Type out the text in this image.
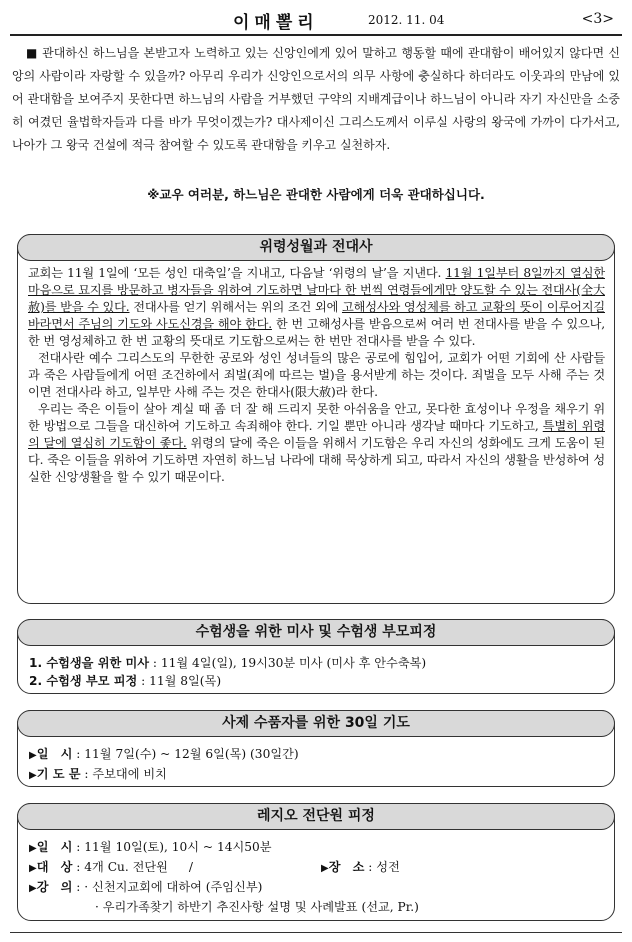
이매뽈리	2012. 11. 04	<3>

■ 관대하신 하느님을 본받고자 노력하고 있는 신앙인에게 있어 말하고 행동할 때에 관대함이 배어있지 않다면 신앙의 사람이라 자랑할 수 있을까? 아무리 우리가 신앙인으로서의 의무 사항에 충실하다 하더라도 이웃과의 만남에 있어 관대함을 보여주지 못한다면 하느님의 사람을 거부했던 구약의 지배계급이나 하느님이 아니라 자기 자신만을 소중히 여겼던 율법학자들과 다를 바가 무엇이겠는가? 대사제이신 그리스도께서 이루실 사랑의 왕국에 가까이 다가서고, 나아가 그 왕국 건설에 적극 참여할 수 있도록 관대함을 키우고 실천하자.

※교우 여러분, 하느님은 관대한 사람에게 더욱 관대하십니다.
위령성월과 전대사

교회는 11월 1일에 ‘모든 성인 대축일’을 지내고, 다음날 ‘위령의 날’을 지낸다. 11월 1일부터 8일까지 열심한 마음으로 묘지를 방문하고 병자들을 위하여 기도하면 날마다 한 번씩 연령들에게만 양도할 수 있는 전대사(全大赦)를 받을 수 있다. 전대사를 얻기 위해서는 위의 조건 외에 고해성사와 영성체를 하고 교황의 뜻이 이루어지길 바라면서 주님의 기도와 사도신경을 해야 한다. 한 번 고해성사를 받음으로써 여러 번 전대사를 받을 수 있으나, 한 번 영성체하고 한 번 교황의 뜻대로 기도함으로써는 한 번만 전대사를 받을 수 있다.

전대사란 예수 그리스도의 무한한 공로와 성인 성녀들의 많은 공로에 힘입어, 교회가 어떤 기회에 산 사람들과 죽은 사람들에게 어떤 조건하에서 죄벌(죄에 따르는 벌)을 용서받게 하는 것이다. 죄벌을 모두 사해 주는 것이면 전대사라 하고, 일부만 사해 주는 것은 한대사(限大赦)라 한다.

우리는 죽은 이들이 살아 계실 때 좀 더 잘 해 드리지 못한 아쉬움을 안고, 못다한 효성이나 우정을 채우기 위한 방법으로 그들을 대신하여 기도하고 속죄해야 한다. 기일 뿐만 아니라 생각날 때마다 기도하고, 특별히 위령의 달에 열심히 기도함이 좋다. 위령의 달에 죽은 이들을 위해서 기도함은 우리 자신의 성화에도 크게 도움이 된다. 죽은 이들을 위하여 기도하면 자연히 하느님 나라에 대해 묵상하게 되고, 따라서 자신의 생활을 반성하여 성실한 신앙생활을 할 수 있기 때문이다.

수험생을 위한 미사 및 수험생 부모피정
1. 수험생을 위한 미사 : 11월 4일(일), 19시30분 미사 (미사 후 안수축복)
2. 수험생 부모 피정 : 11월 8일(목)
사제 수품자를 위한 30일 기도
▶일　시 : 11월 7일(수) ~ 12월 6일(목) (30일간)
▶기 도 문 : 주보대에 비치
레지오 전단원 피정
▶일　시 : 11월 10일(토), 10시 ~ 14시50분
▶대　상 : 4개 Cu. 전단원 /	▶장　소 : 성전
▶강　의 : · 신천지교회에 대하여 (주임신부)
· 우리가족찾기 하반기 추진사항 설명 및 사례발표 (선교, Pr.)
